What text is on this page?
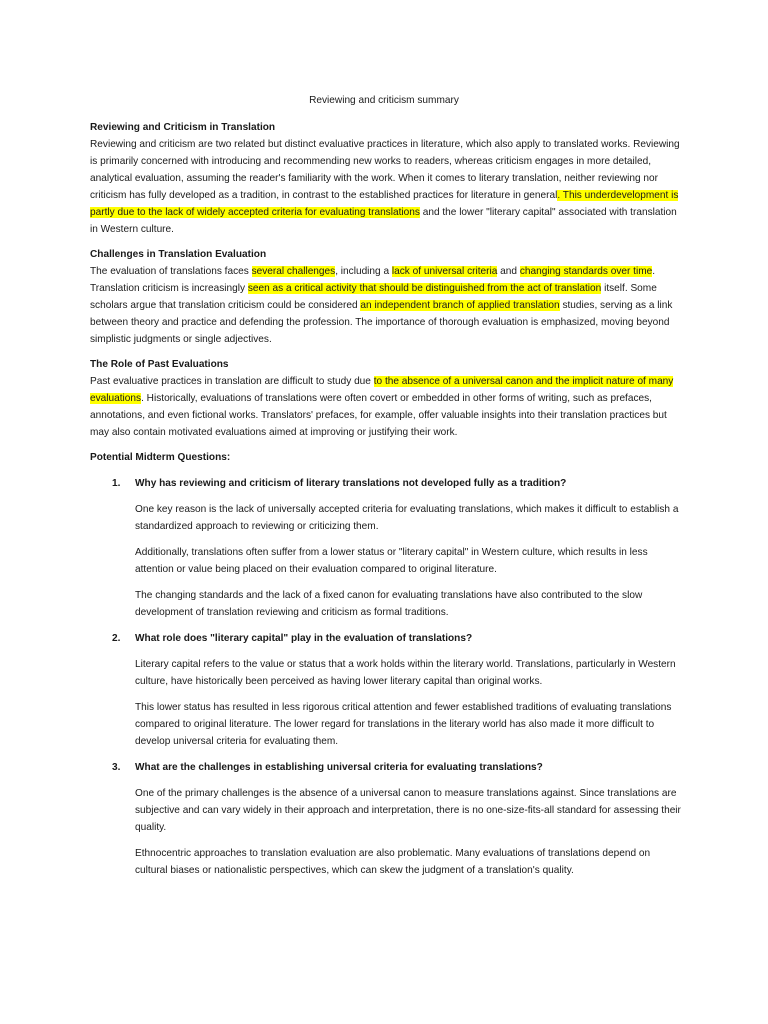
Reviewing and criticism summary
Reviewing and Criticism in Translation

Reviewing and criticism are two related but distinct evaluative practices in literature, which also apply to translated works. Reviewing is primarily concerned with introducing and recommending new works to readers, whereas criticism engages in more detailed, analytical evaluation, assuming the reader's familiarity with the work. When it comes to literary translation, neither reviewing nor criticism has fully developed as a tradition, in contrast to the established practices for literature in general. This underdevelopment is partly due to the lack of widely accepted criteria for evaluating translations and the lower "literary capital" associated with translation in Western culture.

Challenges in Translation Evaluation

The evaluation of translations faces several challenges, including a lack of universal criteria and changing standards over time. Translation criticism is increasingly seen as a critical activity that should be distinguished from the act of translation itself. Some scholars argue that translation criticism could be considered an independent branch of applied translation studies, serving as a link between theory and practice and defending the profession. The importance of thorough evaluation is emphasized, moving beyond simplistic judgments or single adjectives.

The Role of Past Evaluations

Past evaluative practices in translation are difficult to study due to the absence of a universal canon and the implicit nature of many evaluations. Historically, evaluations of translations were often covert or embedded in other forms of writing, such as prefaces, annotations, and even fictional works. Translators' prefaces, for example, offer valuable insights into their translation practices but may also contain motivated evaluations aimed at improving or justifying their work.

Potential Midterm Questions:
1. Why has reviewing and criticism of literary translations not developed fully as a tradition?

One key reason is the lack of universally accepted criteria for evaluating translations, which makes it difficult to establish a standardized approach to reviewing or criticizing them.

Additionally, translations often suffer from a lower status or "literary capital" in Western culture, which results in less attention or value being placed on their evaluation compared to original literature.

The changing standards and the lack of a fixed canon for evaluating translations have also contributed to the slow development of translation reviewing and criticism as formal traditions.

2. What role does "literary capital" play in the evaluation of translations?

Literary capital refers to the value or status that a work holds within the literary world. Translations, particularly in Western culture, have historically been perceived as having lower literary capital than original works.

This lower status has resulted in less rigorous critical attention and fewer established traditions of evaluating translations compared to original literature. The lower regard for translations in the literary world has also made it more difficult to develop universal criteria for evaluating them.

3. What are the challenges in establishing universal criteria for evaluating translations?

One of the primary challenges is the absence of a universal canon to measure translations against. Since translations are subjective and can vary widely in their approach and interpretation, there is no one-size-fits-all standard for assessing their quality.

Ethnocentric approaches to translation evaluation are also problematic. Many evaluations of translations depend on cultural biases or nationalistic perspectives, which can skew the judgment of a translation's quality.
